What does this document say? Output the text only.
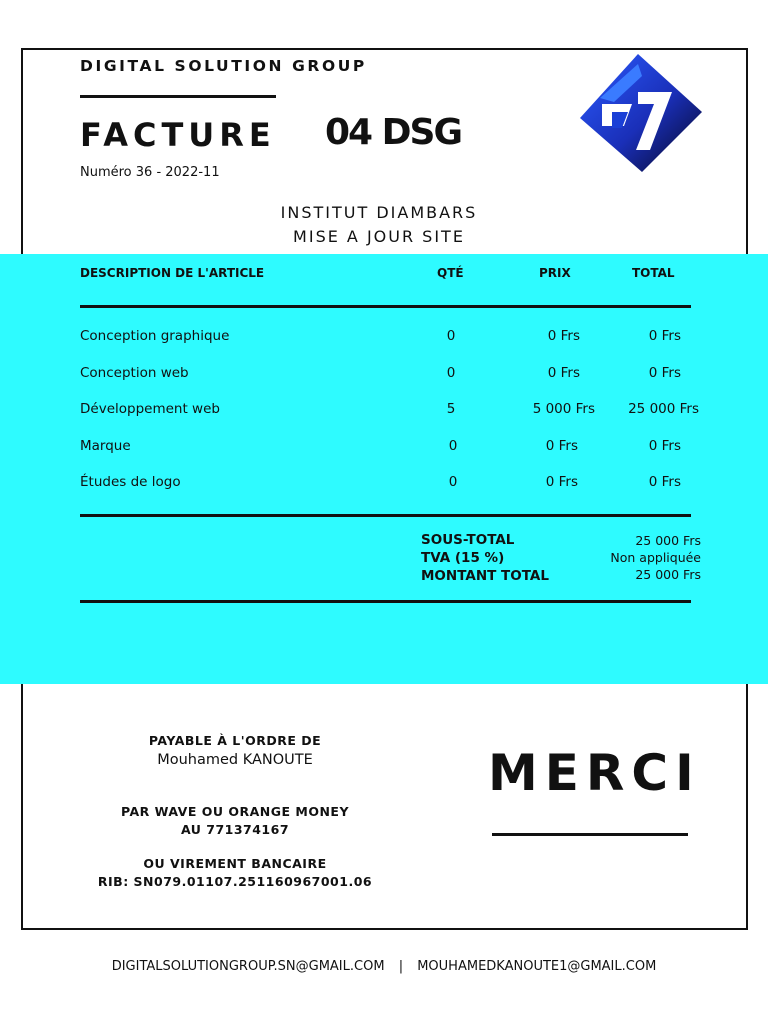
DIGITAL SOLUTION GROUP
FACTURE 04 DSG
Numéro 36 - 2022-11
INSTITUT DIAMBARS
MISE A JOUR SITE
DESCRIPTION DE L'ARTICLE	QTÉ	PRIX	TOTAL
Conception graphique	0	0 Frs	0 Frs
Conception web	0	0 Frs	0 Frs
Développement web	5	5 000 Frs	25 000 Frs
Marque	0	0 Frs	0 Frs
Études de logo	0	0 Frs	0 Frs
SOUS-TOTAL	25 000 Frs
TVA (15 %)	Non appliquée
MONTANT TOTAL	25 000 Frs
PAYABLE À L'ORDRE DE
Mouhamed KANOUTE
PAR WAVE OU ORANGE MONEY
AU 771374167
OU VIREMENT BANCAIRE
RIB: SN079.01107.251160967001.06
MERCI
DIGITALSOLUTIONGROUP.SN@GMAIL.COM | MOUHAMEDKANOUTE1@GMAIL.COM
